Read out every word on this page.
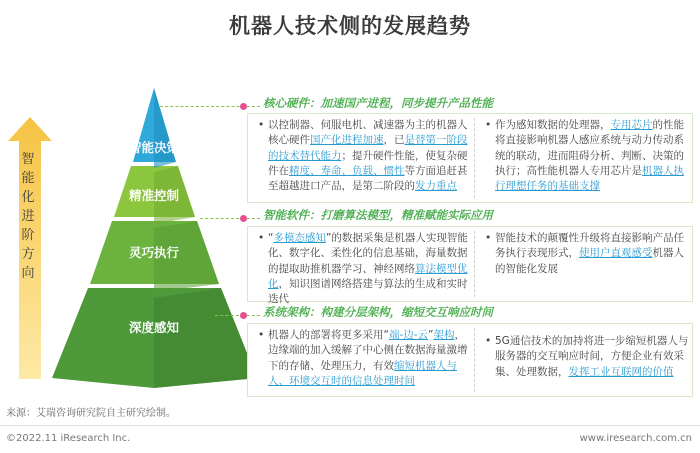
机器人技术侧的发展趋势
智能化进阶方向
智能决策
精准控制
灵巧执行
深度感知
核心硬件：加速国产进程，同步提升产品性能
• 以控制器、伺服电机、减速器为主的机器人核心硬件国产化进程加速，已是替第一阶段的技术替代能力；提升硬件性能，使复杂硬件在精度、寿命、负载、惯性等方面追赶甚至超越进口产品，是第二阶段的发力重点
• 作为感知数据的处理器，专用芯片的性能将直接影响机器人感应系统与动力传动系统的联动，进而阻碍分析、判断、决策的执行；高性能机器人专用芯片是机器人执行理想任务的基础支撑
智能软件：打磨算法模型，精准赋能实际应用
• “多模态感知”的数据采集是机器人实现智能化、数字化、柔性化的信息基础，海量数据的提取助推机器学习、神经网络算法模型优化，知识图谱网络搭建与算法的生成和实时迭代
• 智能技术的颠覆性升级将直接影响产品任务执行表现形式，使用户直观感受机器人的智能化发展
系统架构：构建分层架构，缩短交互响应时间
• 机器人的部署将更多采用“端-边-云”架构，边缘端的加入缓解了中心侧在数据海量激增下的存储、处理压力，有效缩短机器人与人、环境交互时的信息处理时间
• 5G通信技术的加持将进一步缩短机器人与服务器的交互响应时间，方便企业有效采集、处理数据，发挥工业互联网的价值
来源：艾瑞咨询研究院自主研究绘制。
©2022.11 iResearch Inc.	www.iresearch.com.cn
